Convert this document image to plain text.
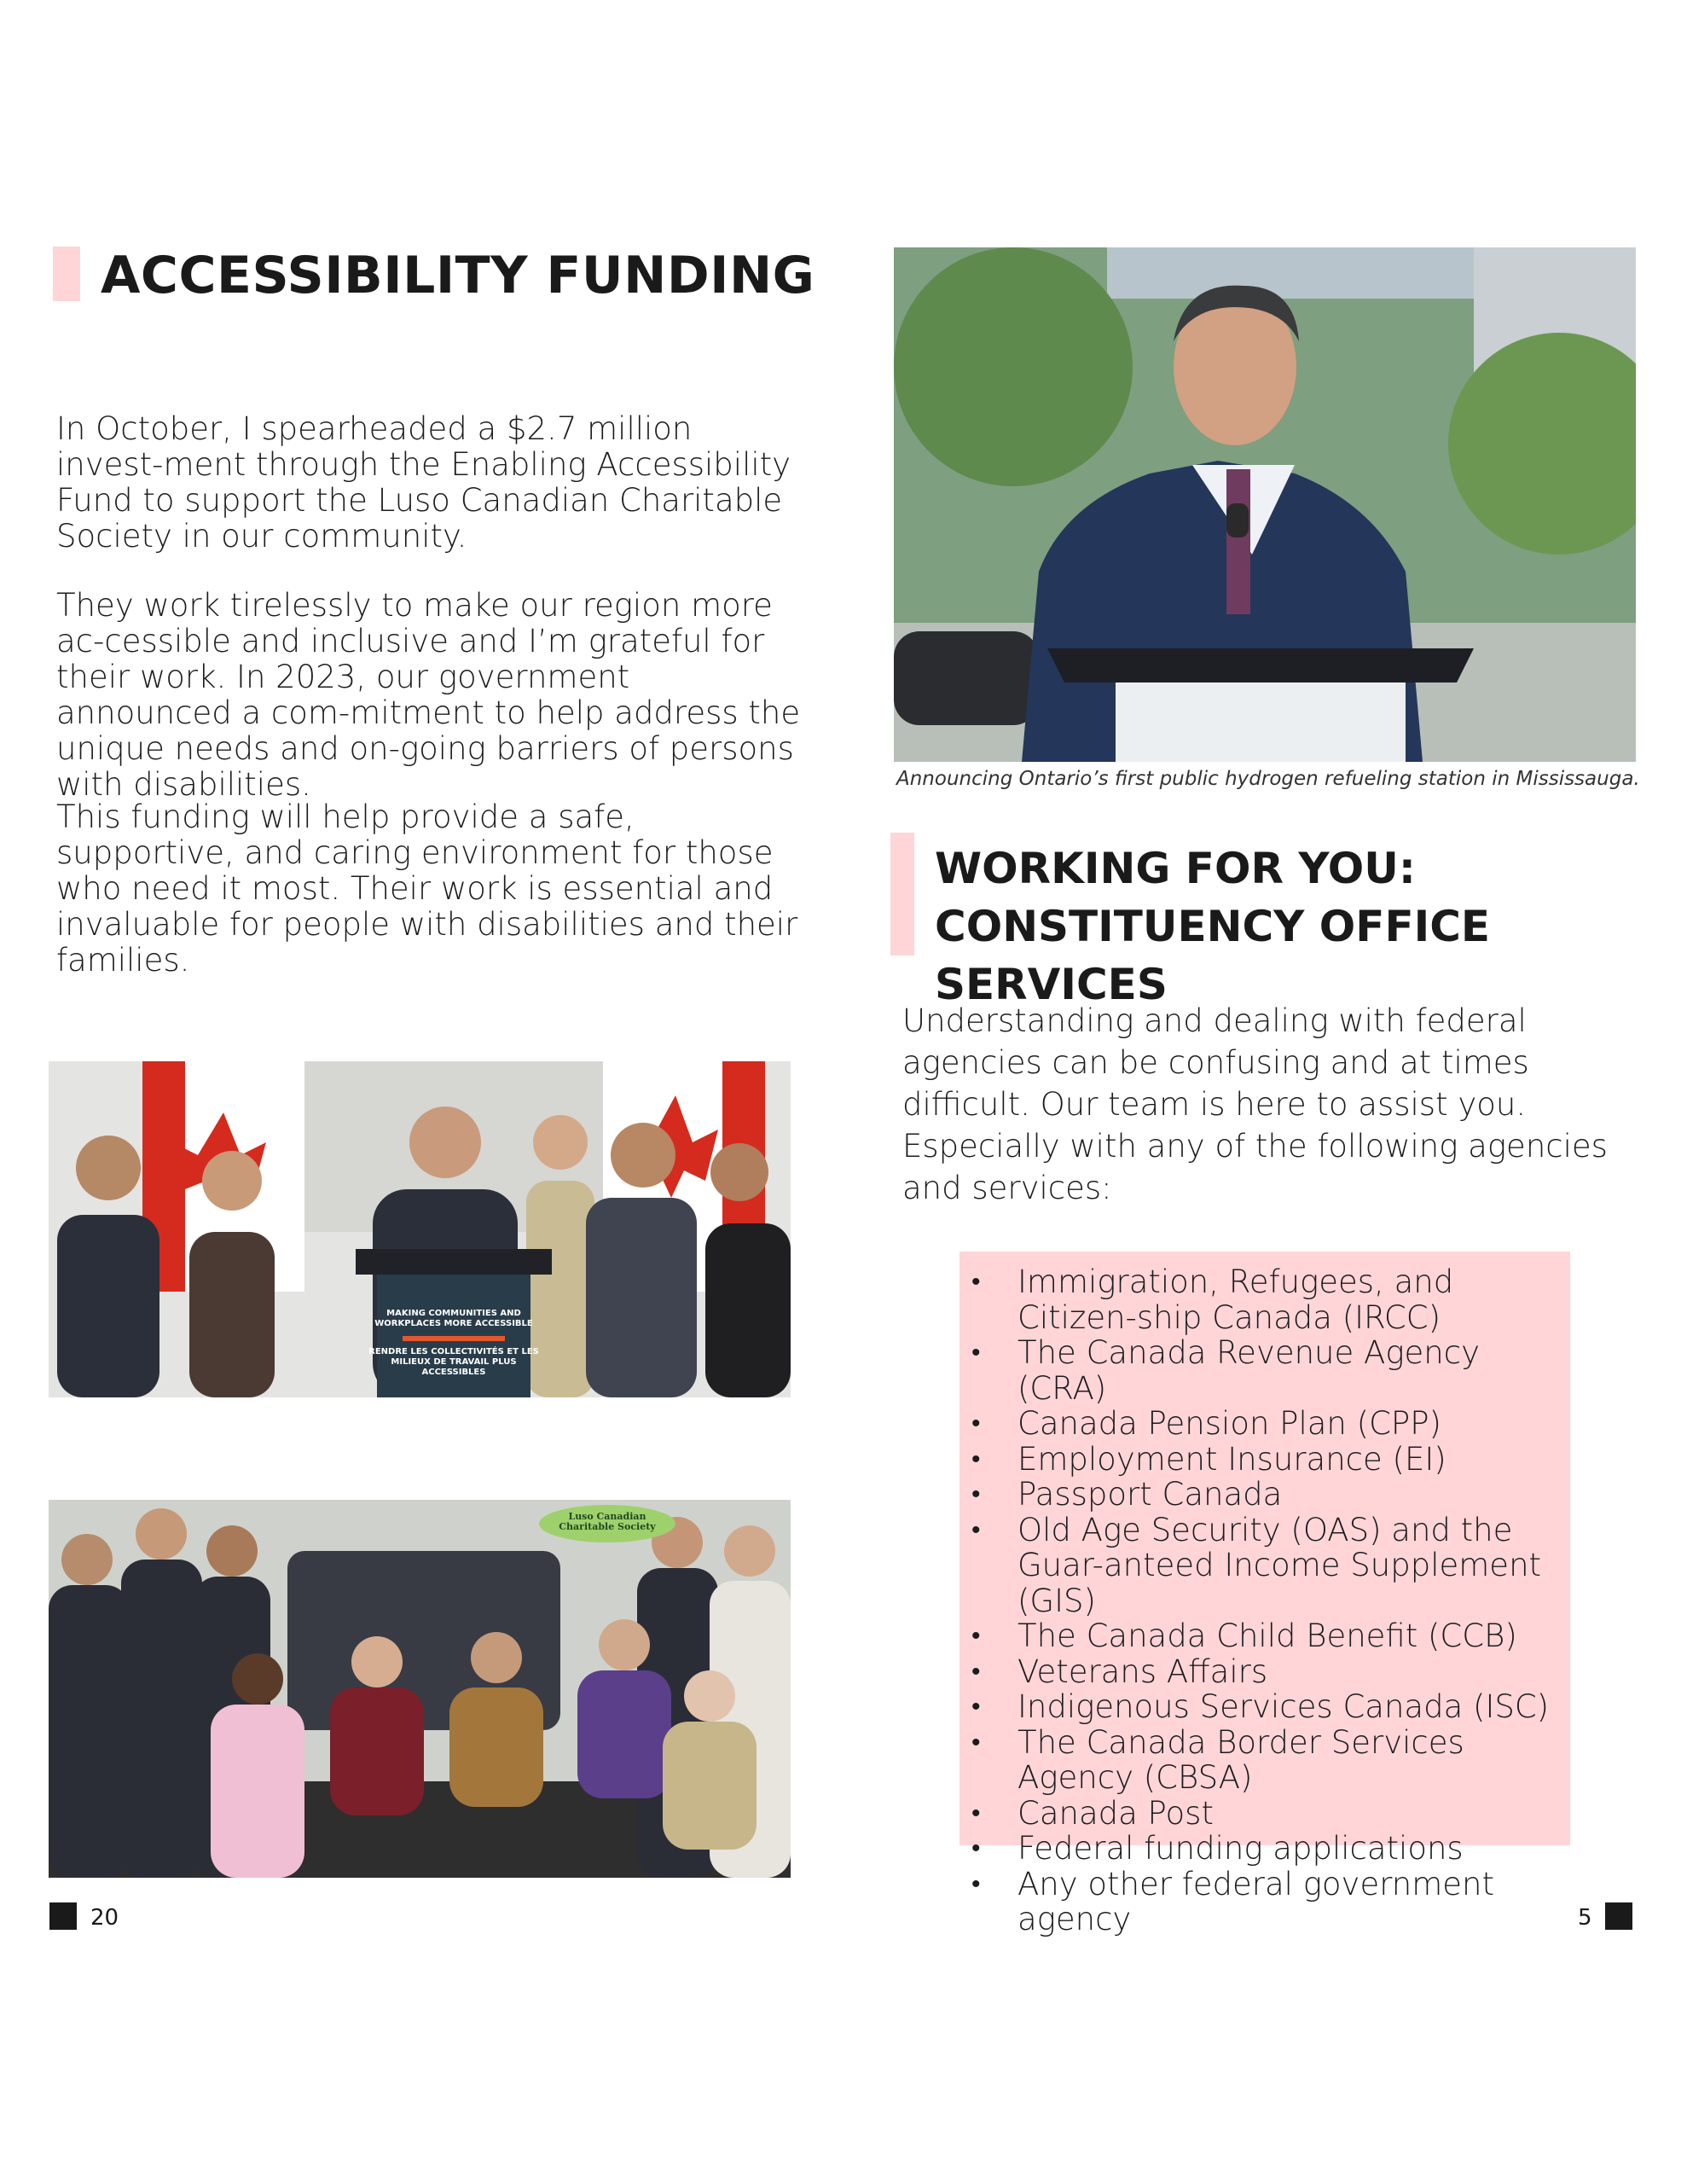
ACCESSIBILITY FUNDING

In October, I spearheaded a $2.7 million invest-ment through the Enabling Accessibility Fund to support the Luso Canadian Charitable Society in our community.

They work tirelessly to make our region more ac-cessible and inclusive and I’m grateful for their work. In 2023, our government announced a com-mitment to help address the unique needs and on-going barriers of persons with disabilities.

This funding will help provide a safe, supportive, and caring environment for those who need it most. Their work is essential and invaluable for people with disabilities and their families.

MAKING COMMUNITIES AND WORKPLACES MORE ACCESSIBLE
RENDRE LES COLLECTIVITÉS ET LES MILIEUX DE TRAVAIL PLUS ACCESSIBLES
Luso Canadian Charitable Society
20
Announcing Ontario’s first public hydrogen refueling station in Mississauga.
WORKING FOR YOU:
CONSTITUENCY OFFICE SERVICES

Understanding and dealing with federal agencies can be confusing and at times difficult. Our team is here to assist you. Especially with any of the following agencies and services:

• Immigration, Refugees, and Citizen-ship Canada (IRCC)
• The Canada Revenue Agency (CRA)
• Canada Pension Plan (CPP)
• Employment Insurance (EI)
• Passport Canada
• Old Age Security (OAS) and the Guar-anteed Income Supplement (GIS)
• The Canada Child Benefit (CCB)
• Veterans Affairs
• Indigenous Services Canada (ISC)
• The Canada Border Services Agency (CBSA)
• Canada Post
• Federal funding applications
• Any other federal government agency	5
